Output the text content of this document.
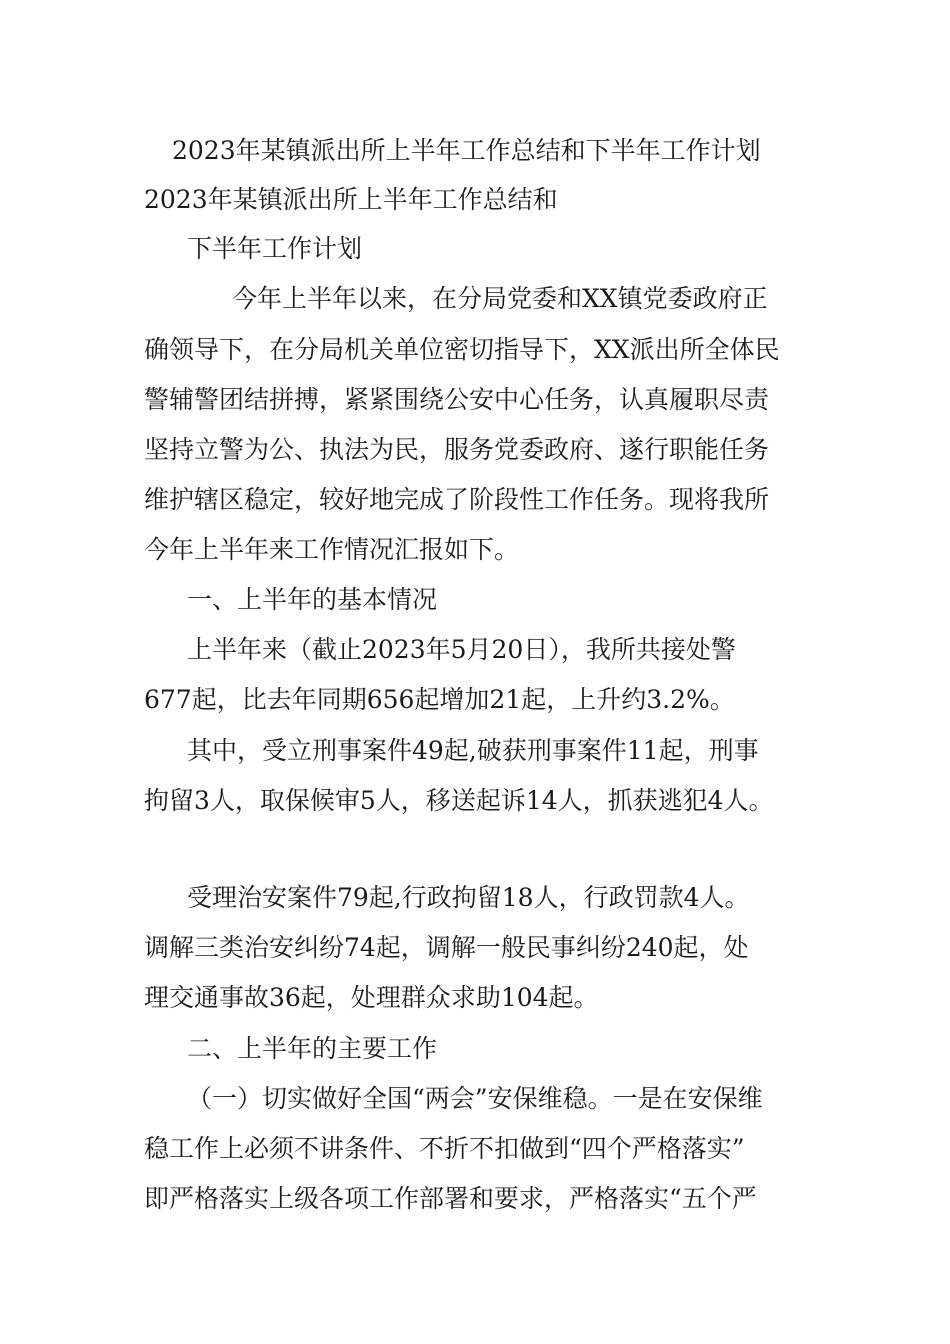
2023年某镇派出所上半年工作总结和下半年工作计划
2023年某镇派出所上半年工作总结和
下半年工作计划
今年上半年以来，在分局党委和XX镇党委政府正
确领导下，在分局机关单位密切指导下，XX派出所全体民
警辅警团结拼搏，紧紧围绕公安中心任务，认真履职尽责
坚持立警为公、执法为民，服务党委政府、遂行职能任务
维护辖区稳定，较好地完成了阶段性工作任务。现将我所
今年上半年来工作情况汇报如下。
一、上半年的基本情况
上半年来（截止2023年5月20日），我所共接处警
677起，比去年同期656起增加21起，上升约3.2%。
其中，受立刑事案件49起,破获刑事案件11起，刑事
拘留3人，取保候审5人，移送起诉14人，抓获逃犯4人。
受理治安案件79起,行政拘留18人，行政罚款4人。
调解三类治安纠纷74起，调解一般民事纠纷240起，处
理交通事故36起，处理群众求助104起。
二、上半年的主要工作
（一）切实做好全国“两会”安保维稳。一是在安保维
稳工作上必须不讲条件、不折不扣做到“四个严格落实”
即严格落实上级各项工作部署和要求，严格落实“五个严
